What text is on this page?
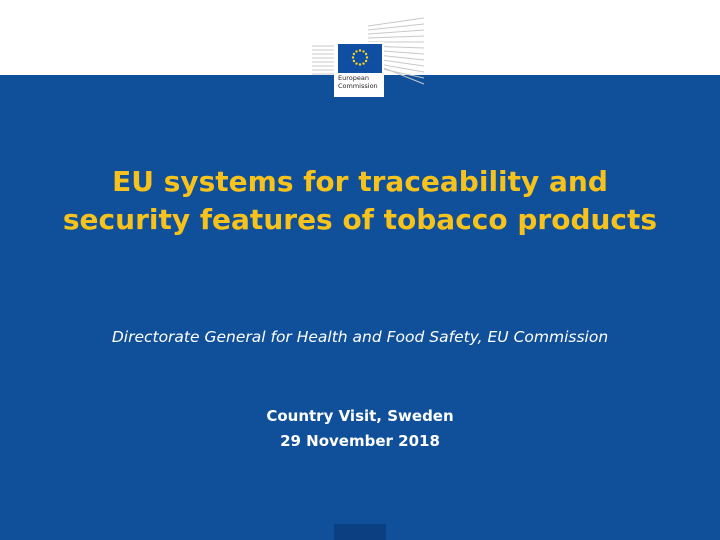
European
Commission
EU systems for traceability and
security features of tobacco products
Directorate General for Health and Food Safety, EU Commission
Country Visit, Sweden
29 November 2018
